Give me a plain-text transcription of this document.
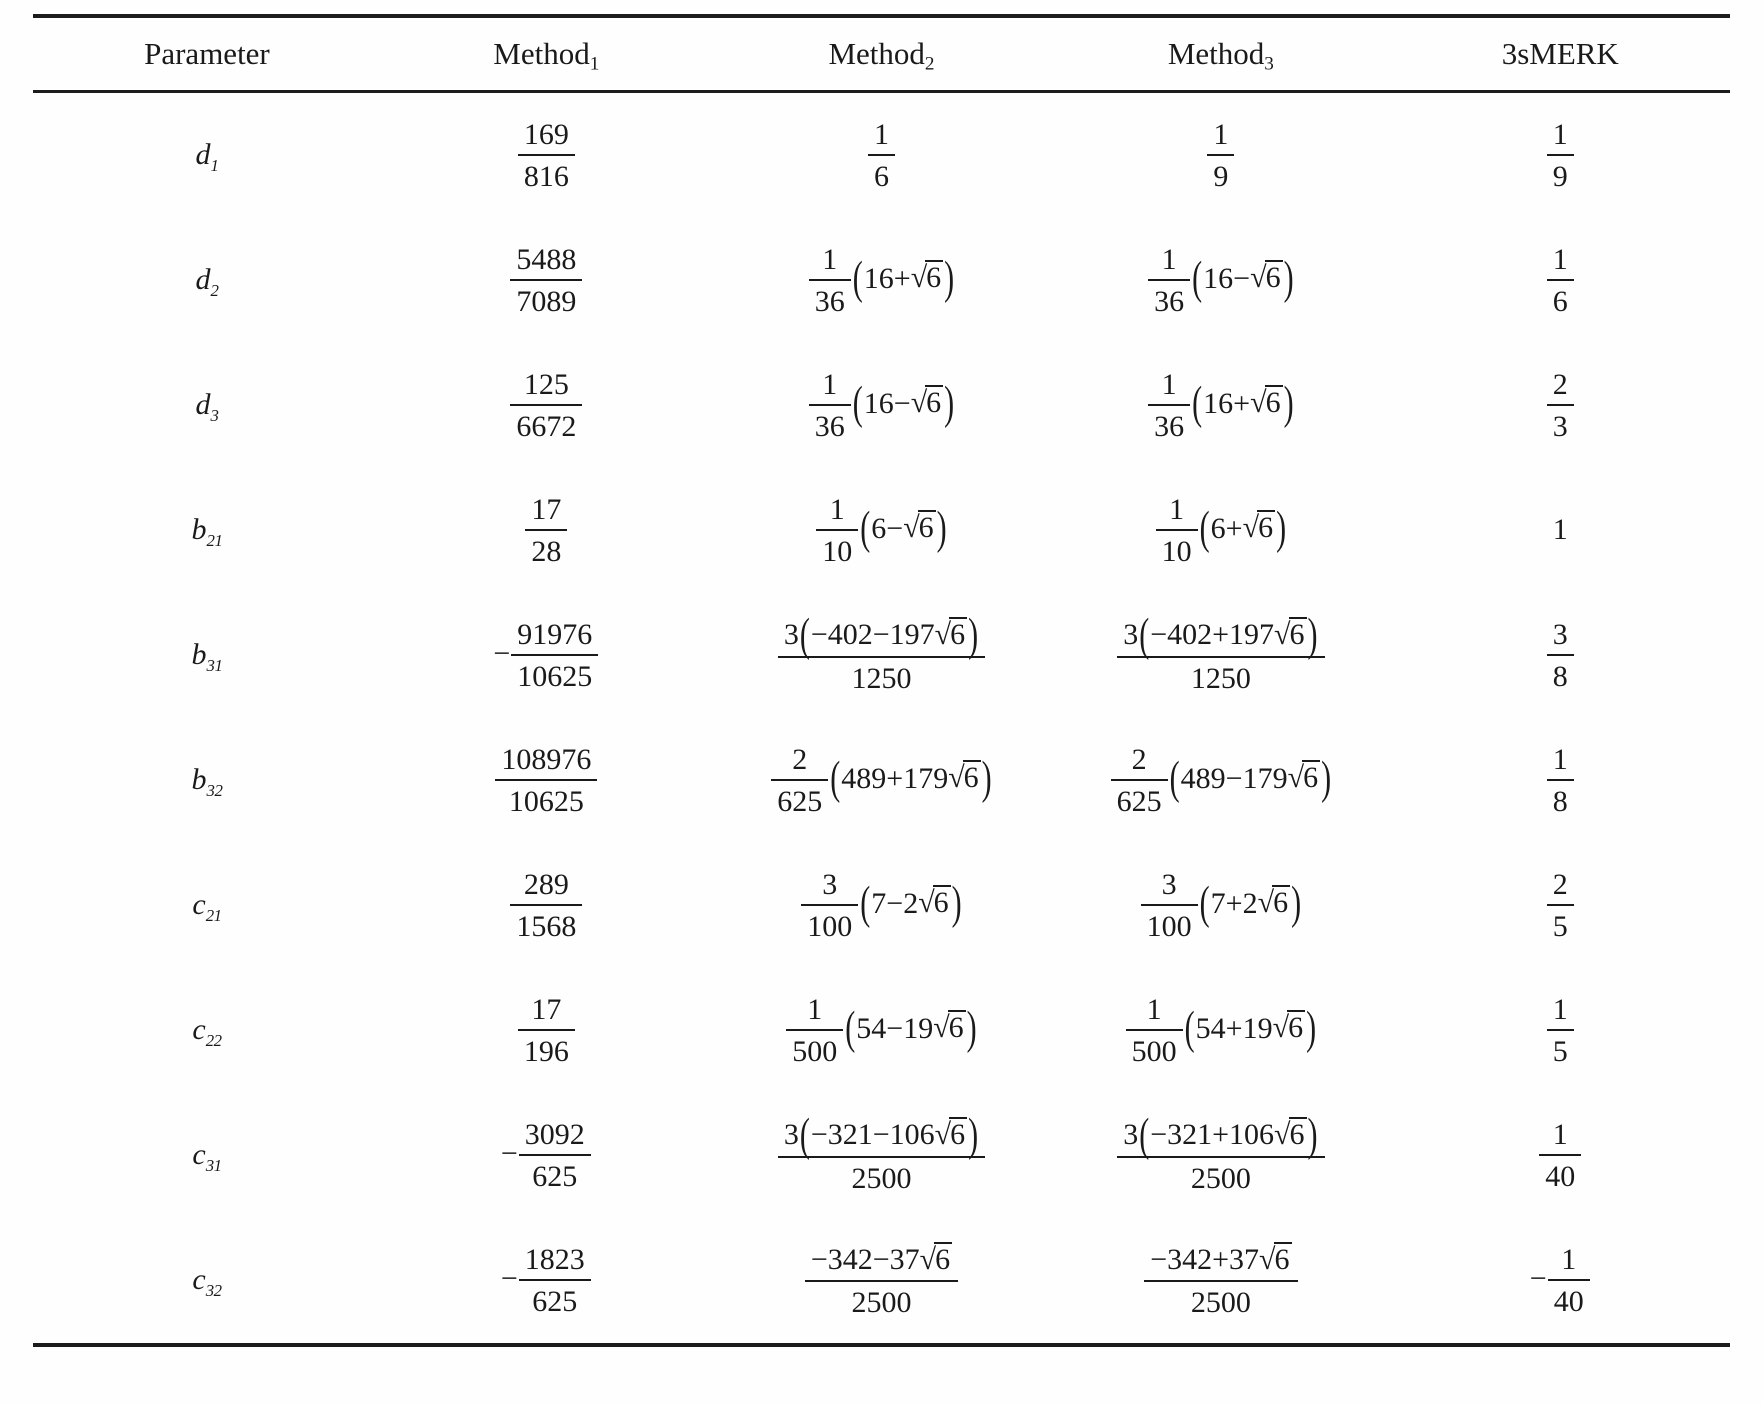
Parameter	Method$_1$	Method$_2$	Method$_3$	3sMERK
$d_1$	$\frac{169}{816}$	$\frac{1}{6}$	$\frac{1}{9}$	$\frac{1}{9}$
$d_2$	$\frac{5488}{7089}$	$\frac{1}{36} (16+√6$ )	$\frac{1}{36} (16-√6$ )	$\frac{1}{6}$
$d_3$	$\frac{125}{6672}$	$\frac{1}{36} (16-√6$ )	$\frac{1}{36} (16+√6$ )	$\frac{2}{3}$
$b_{21}$	$\frac{17}{28}$	$\frac{1}{10} (6-√6$ )	$\frac{1}{10} (6+√6$ )	1
$b_{31}$	− $\frac{91976}{10625}$	$\frac{3(-402-197√6 )}{1250}$	$\frac{3(-402+197√6 )}{1250}$	$\frac{3}{8}$
$b_{32}$	$\frac{108976}{10625}$	$\frac{2}{625} (489+179√6$ )	$\frac{2}{625} (489-179√6$ )	$\frac{1}{8}$
$c_{21}$	$\frac{289}{1568}$	$\frac{3}{100} (7-2√6$ )	$\frac{3}{100} (7+2√6$ )	$\frac{2}{5}$
$c_{22}$	$\frac{17}{196}$	$\frac{1}{500} (54-19√6$ )	$\frac{1}{500} (54+19√6$ )	$\frac{1}{5}$
$c_{31}$	− $\frac{3092}{625}$	$\frac{3(-321-106√6 )}{2500}$	$\frac{3(-321+106√6 )}{2500}$	$\frac{1}{40}$
$c_{32}$	− $\frac{1823}{625}$	$\frac{-342-37√6}{2500}$	$\frac{-342+37√6}{2500}$	− $\frac{1}{40}$
